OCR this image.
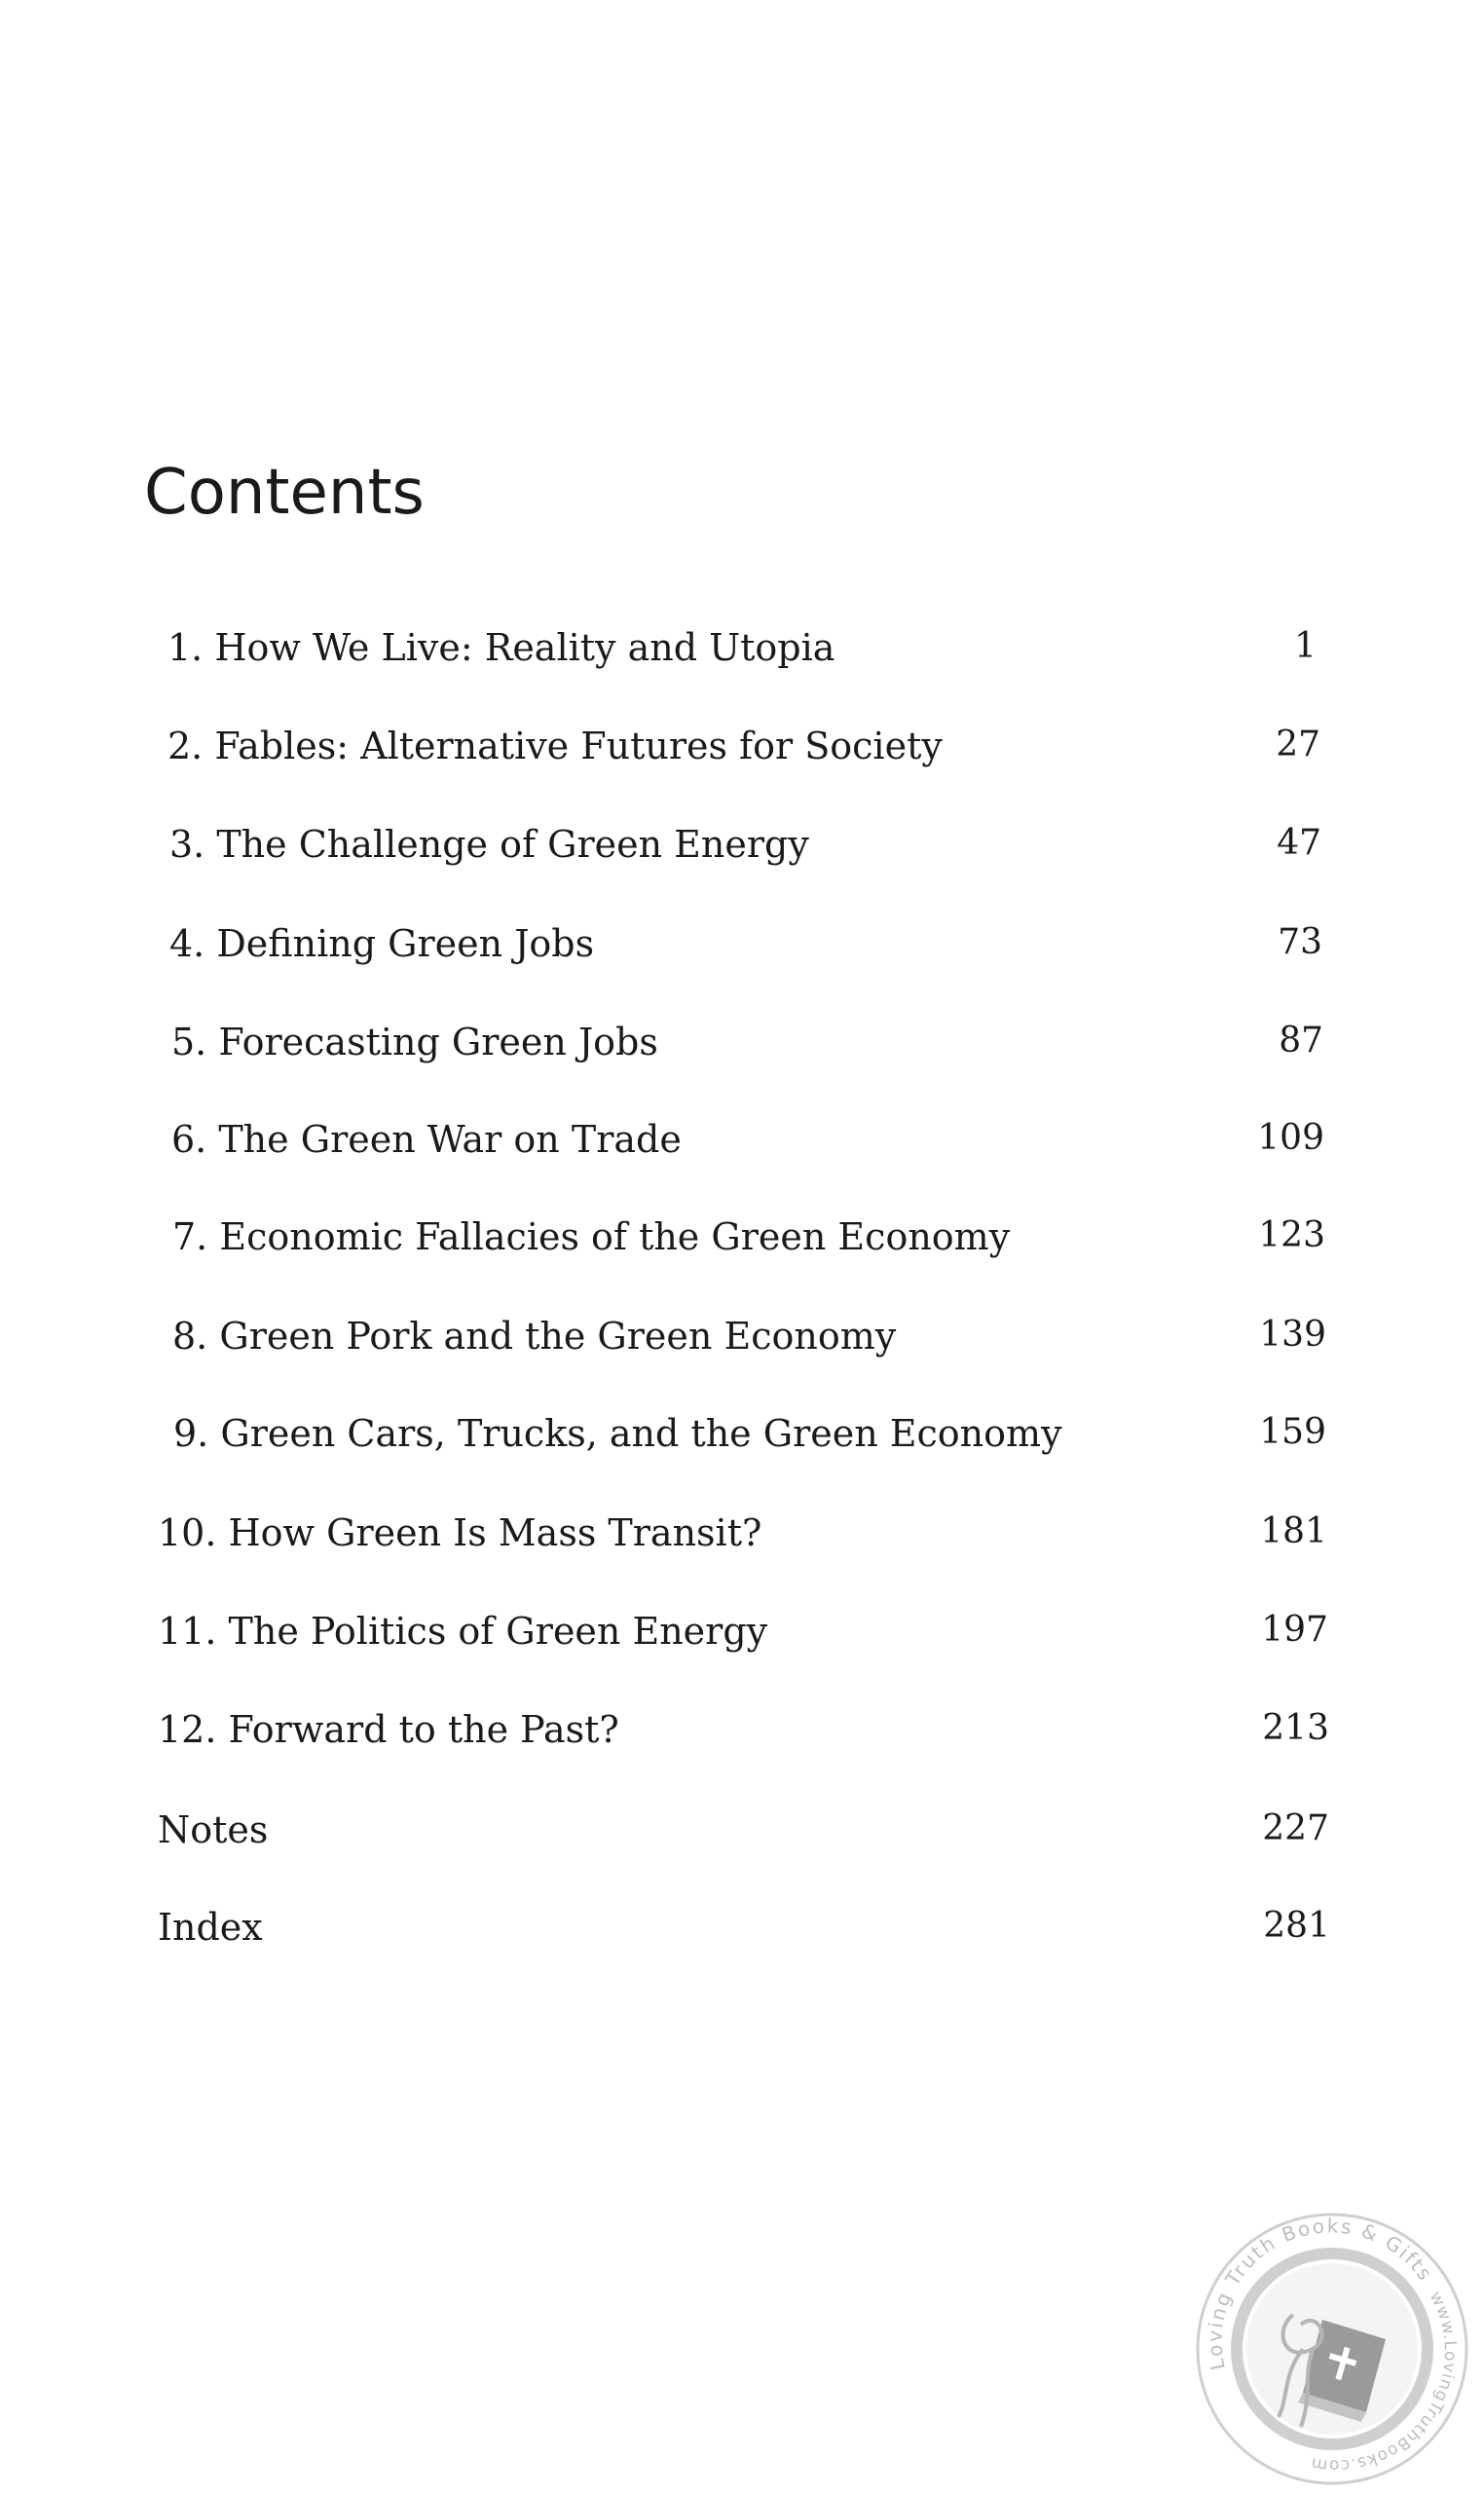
Contents
1. How We Live: Reality and Utopia	1
2. Fables: Alternative Futures for Society	27
3. The Challenge of Green Energy	47
4. Defining Green Jobs	73
5. Forecasting Green Jobs	87
6. The Green War on Trade	109
7. Economic Fallacies of the Green Economy	123
8. Green Pork and the Green Economy	139
9. Green Cars, Trucks, and the Green Economy	159
10. How Green Is Mass Transit?	181
11. The Politics of Green Energy	197
12. Forward to the Past?	213
Notes	227
Index	281
Loving Truth Books & Gifts
www.LovingTruthBooks.com
